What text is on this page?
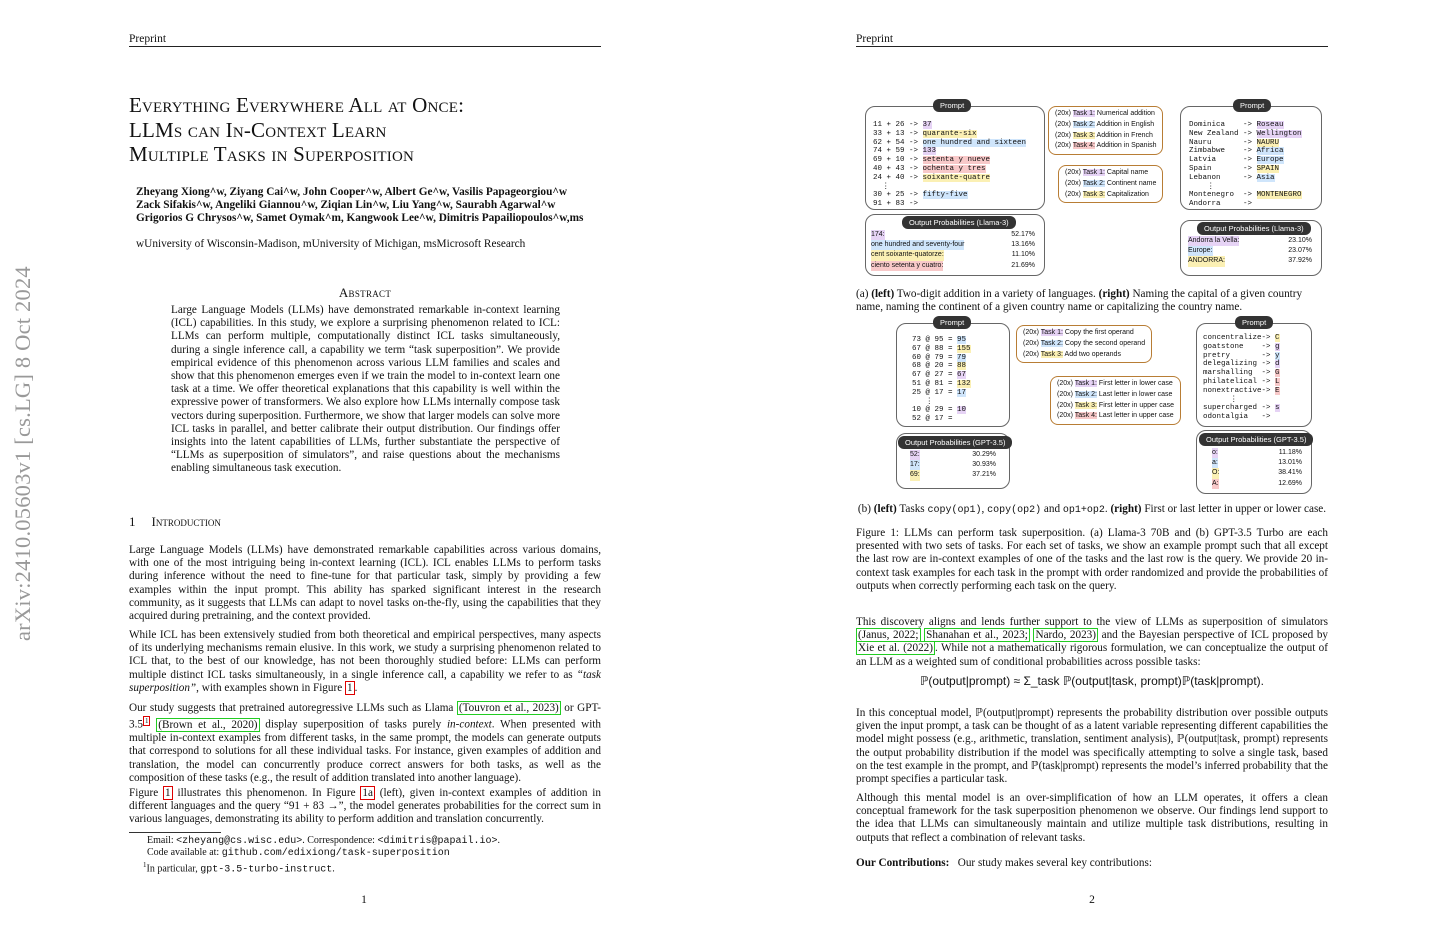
Preprint
arXiv:2410.05603v1 [cs.LG] 8 Oct 2024
Everything Everywhere All at Once:
LLMs can In-Context Learn
Multiple Tasks in Superposition
Zheyang Xiong^w, Ziyang Cai^w, John Cooper^w, Albert Ge^w, Vasilis Papageorgiou^w
Zack Sifakis^w, Angeliki Giannou^w, Ziqian Lin^w, Liu Yang^w, Saurabh Agarwal^w
Grigorios G Chrysos^w, Samet Oymak^m, Kangwook Lee^w, Dimitris Papailiopoulos^w,ms
wUniversity of Wisconsin-Madison, mUniversity of Michigan, msMicrosoft Research
Abstract
Large Language Models (LLMs) have demonstrated remarkable in-context learning (ICL) capabilities. In this study, we explore a surprising phenomenon related to ICL: LLMs can perform multiple, computationally distinct ICL tasks simultaneously, during a single inference call, a capability we term “task superposition”. We provide empirical evidence of this phenomenon across various LLM families and scales and show that this phenomenon emerges even if we train the model to in-context learn one task at a time. We offer theoretical explanations that this capability is well within the expressive power of transformers. We also explore how LLMs internally compose task vectors during superposition. Furthermore, we show that larger models can solve more ICL tasks in parallel, and better calibrate their output distribution. Our findings offer insights into the latent capabilities of LLMs, further substantiate the perspective of “LLMs as superposition of simulators”, and raise questions about the mechanisms enabling simultaneous task execution.
1 Introduction
Large Language Models (LLMs) have demonstrated remarkable capabilities across various domains, with one of the most intriguing being in-context learning (ICL). ICL enables LLMs to perform tasks during inference without the need to fine-tune for that particular task, simply by providing a few examples within the input prompt. This ability has sparked significant interest in the research community, as it suggests that LLMs can adapt to novel tasks on-the-fly, using the capabilities that they acquired during pretraining, and the context provided.
While ICL has been extensively studied from both theoretical and empirical perspectives, many aspects of its underlying mechanisms remain elusive. In this work, we study a surprising phenomenon related to ICL that, to the best of our knowledge, has not been thoroughly studied before: LLMs can perform multiple distinct ICL tasks simultaneously, in a single inference call, a capability we refer to as “task superposition”, with examples shown in Figure 1 .
Our study suggests that pretrained autoregressive LLMs such as Llama (Touvron et al., 2023) or GPT-3.5 $^1$ (Brown et al., 2020) display superposition of tasks purely in-context. When presented with multiple in-context examples from different tasks, in the same prompt, the models can generate outputs that correspond to solutions for all these individual tasks. For instance, given examples of addition and translation, the model can concurrently produce correct answers for both tasks, as well as the composition of these tasks (e.g., the result of addition translated into another language).
Figure 1 illustrates this phenomenon. In Figure 1a (left), given in-context examples of addition in different languages and the query “91 + 83 →”, the model generates probabilities for the correct sum in various languages, demonstrating its ability to perform addition and translation concurrently.
Email: <zheyang@cs.wisc.edu>. Correspondence: <dimitris@papail.io>.
Code available at: github.com/edixiong/task-superposition
$^1$In particular, gpt-3.5-turbo-instruct.
1
Preprint
Prompt
11 + 26 -> 37
33 + 13 -> quarante-six
62 + 54 -> one hundred and sixteen
74 + 59 -> 133
69 + 10 -> setenta y nueve
40 + 43 -> ochenta y tres
24 + 40 -> soixante-quatre
⋮
30 + 25 -> fifty-five
91 + 83 ->
Output Probabilities (Llama-3)
174:	52.17%
one hundred and seventy-four	13.16%
cent soixante-quatorze:	11.10%
ciento setenta y cuatro:	21.69%
(20x) Task 1: Numerical addition
(20x) Task 2: Addition in English
(20x) Task 3: Addition in French
(20x) Task 4: Addition in Spanish
(20x) Task 1: Capital name
(20x) Task 2: Continent name
(20x) Task 3: Capitalization
Prompt
Dominica    -> Roseau
New Zealand -> Wellington
Nauru       -> NAURU
Zimbabwe    -> Africa
Latvia      -> Europe
Spain       -> SPAIN
Lebanon     -> Asia
⋮
Montenegro  -> MONTENEGRO
Andorra     ->
Output Probabilities (Llama-3)
Andorra la Vella:	23.10%
Europe:	23.07%
ANDORRA:	37.92%
(a) (left) Two-digit addition in a variety of languages. (right) Naming the capital of a given country name, naming the continent of a given country name or capitalizing the country name.
Prompt
73 @ 95 = 95
67 @ 88 = 155
60 @ 79 = 79
68 @ 20 = 88
67 @ 27 = 67
51 @ 81 = 132
25 @ 17 = 17
⋮
10 @ 29 = 10
52 @ 17 =
Output Probabilities (GPT-3.5)
52:	30.29%
17:	30.93%
69:	37.21%
(20x) Task 1: Copy the first operand
(20x) Task 2: Copy the second operand
(20x) Task 3: Add two operands
(20x) Task 1: First letter in lower case
(20x) Task 2: Last letter in lower case
(20x) Task 3: First letter in upper case
(20x) Task 4: Last letter in upper case
Prompt
concentralize-> C
goatstone    -> g
pretry       -> y
delegalizing -> d
marshalling  -> G
philatelical -> L
nonextractive-> E
⋮
supercharged -> s
odontalgia   ->
Output Probabilities (GPT-3.5)
o:	11.18%
a:	13.01%
O:	38.41%
A:	12.69%
(b) (left) Tasks copy(op1), copy(op2) and op1+op2. (right) First or last letter in upper or lower case.
Figure 1: LLMs can perform task superposition. (a) Llama-3 70B and (b) GPT-3.5 Turbo are each presented with two sets of tasks. For each set of tasks, we show an example prompt such that all except the last row are in-context examples of one of the tasks and the last row is the query. We provide 20 in-context task examples for each task in the prompt with order randomized and provide the probabilities of outputs when correctly performing each task on the query.
This discovery aligns and lends further support to the view of LLMs as superposition of simulators (Janus, 2022; Shanahan et al., 2023; Nardo, 2023) and the Bayesian perspective of ICL proposed by Xie et al. (2022) . While not a mathematically rigorous formulation, we can conceptualize the output of an LLM as a weighted sum of conditional probabilities across possible tasks:
ℙ(output|prompt) ≈ Σ_task ℙ(output|task, prompt)ℙ(task|prompt).
In this conceptual model, ℙ(output|prompt) represents the probability distribution over possible outputs given the input prompt, a task can be thought of as a latent variable representing different capabilities the model might possess (e.g., arithmetic, translation, sentiment analysis), ℙ(output|task, prompt) represents the output probability distribution if the model was specifically attempting to solve a single task, based on the test example in the prompt, and ℙ(task|prompt) represents the model’s inferred probability that the prompt specifies a particular task.
Although this mental model is an over-simplification of how an LLM operates, it offers a clean conceptual framework for the task superposition phenomenon we observe. Our findings lend support to the idea that LLMs can simultaneously maintain and utilize multiple task distributions, resulting in outputs that reflect a combination of relevant tasks.
Our Contributions: Our study makes several key contributions:
2
